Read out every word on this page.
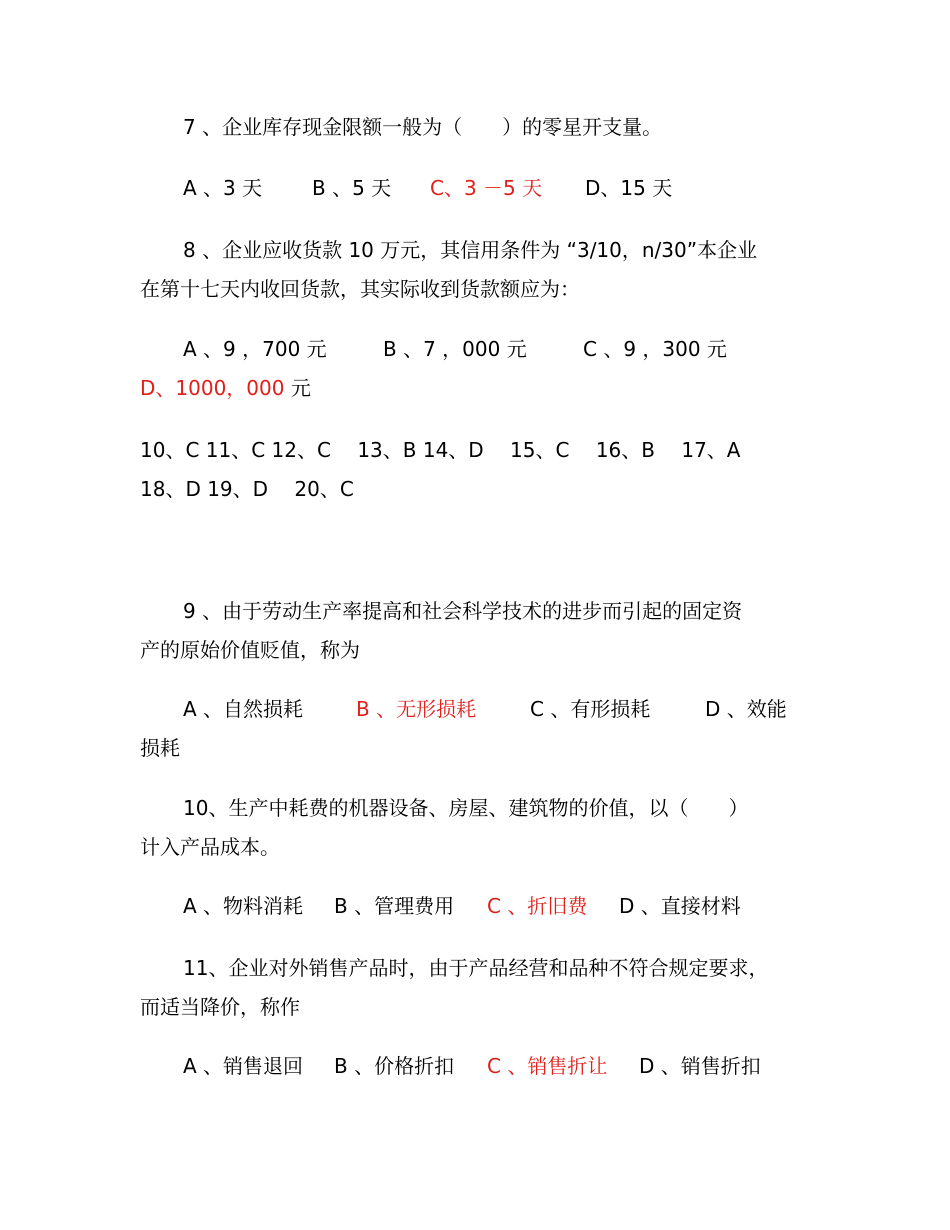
7 、企业库存现金限额一般为（　　）的零星开支量。
A 、3 天 B 、5 天 C、3 －5 天 D、15 天
8 、企业应收货款 10 万元，其信用条件为 “3/10，n/30”本企业
在第十七天内收回货款，其实际收到货款额应为：
A 、9 ，700 元	B 、7 ，000 元	C 、9 ，300 元
D、1000，000 元
10、C 11、C 12、C　 13、B 14、D　 15、C　 16、B　 17、A
18、D 19、D　 20、C
9 、由于劳动生产率提高和社会科学技术的进步而引起的固定资
产的原始价值贬值，称为
A 、自然损耗	B 、无形损耗	C 、有形损耗	D 、效能
损耗
10、生产中耗费的机器设备、房屋、建筑物的价值，以（　　）
计入产品成本。
A 、物料消耗 B 、管理费用 C 、折旧费 D 、直接材料
11、企业对外销售产品时，由于产品经营和品种不符合规定要求，
而适当降价，称作
A 、销售退回 B 、价格折扣 C 、销售折让 D 、销售折扣
